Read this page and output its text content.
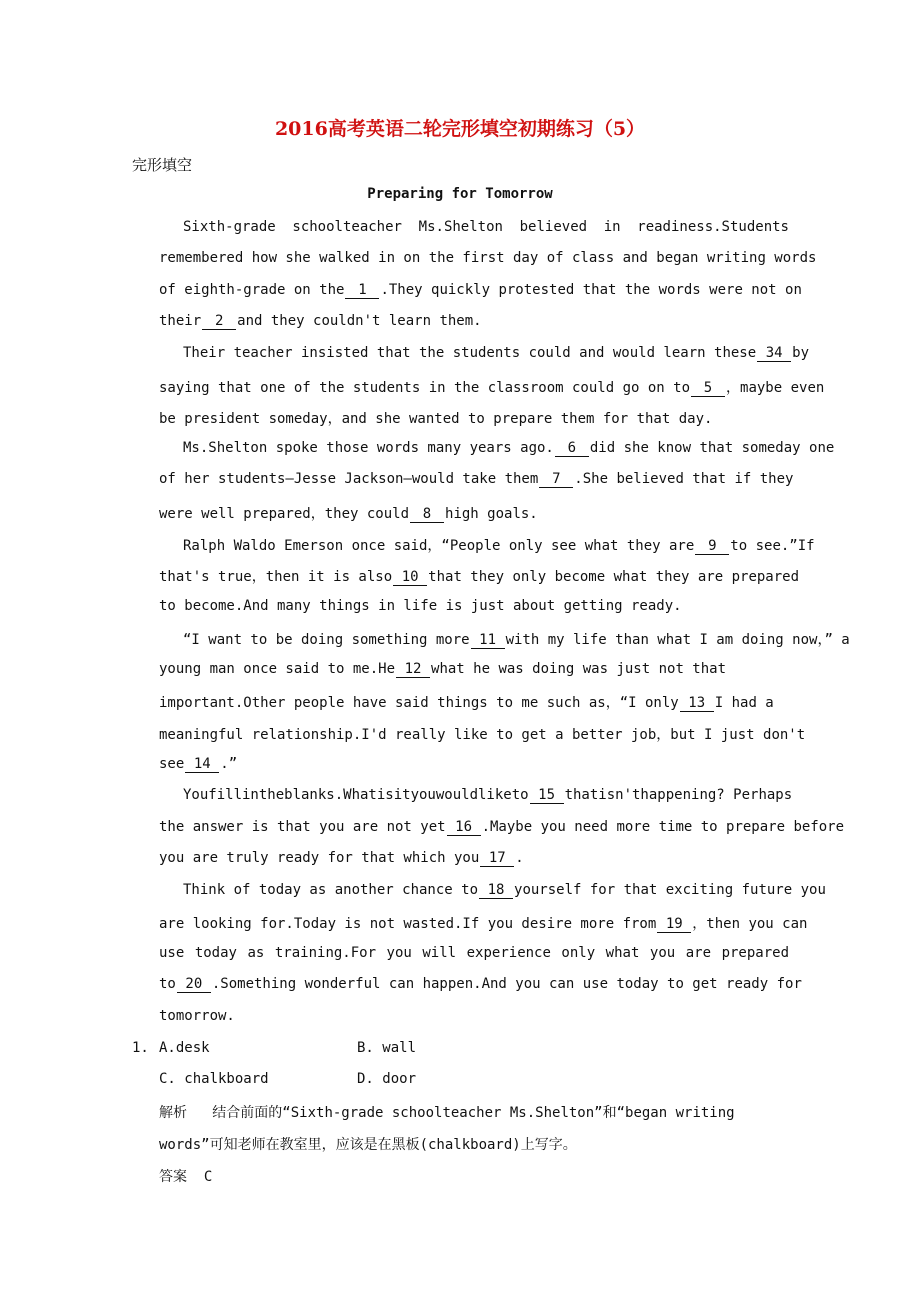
2016高考英语二轮完形填空初期练习（5）
完形填空
Preparing for Tomorrow
Sixth-grade schoolteacher Ms.Shelton believed in readiness.Students
remembered how she walked in on the first day of class and began writing words
of eighth-grade on the 1 .They quickly protested that the words were not on
their 2 and they couldn't learn them.
Their teacher insisted that the students could and would learn these 34 by
saying that one of the students in the classroom could go on to 5 ，maybe even
be president someday，and she wanted to prepare them for that day.
Ms.Shelton spoke those words many years ago. 6 did she know that someday one
of her students—Jesse Jackson—would take them 7 .She believed that if they
were well prepared，they could 8 high goals.
Ralph Waldo Emerson once said，“People only see what they are 9 to see.”If
that's true，then it is also 10 that they only become what they are prepared
to become.And many things in life is just about getting ready.
“I want to be doing something more 11 with my life than what I am doing now，” a
young man once said to me.He 12 what he was doing was just not that
important.Other people have said things to me such as，“I only 13 I had a
meaningful relationship.I'd really like to get a better job，but I just don't
see 14 .”
Youfillintheblanks.Whatisityouwouldliketo 15 thatisn'thappening? Perhaps
the answer is that you are not yet 16 .Maybe you need more time to prepare before
you are truly ready for that which you 17 .
Think of today as another chance to 18 yourself for that exciting future you
are looking for.Today is not wasted.If you desire more from 19 ，then you can
use today as training.For you will experience only what you are prepared
to 20 .Something wonderful can happen.And you can use today to get ready for
tomorrow.
1. A.desk	B. wall
C. chalkboard	D. door
解析 结合前面的“Sixth-grade schoolteacher Ms.Shelton”和“began writing
words”可知老师在教室里，应该是在黑板(chalkboard)上写字。
答案 C
